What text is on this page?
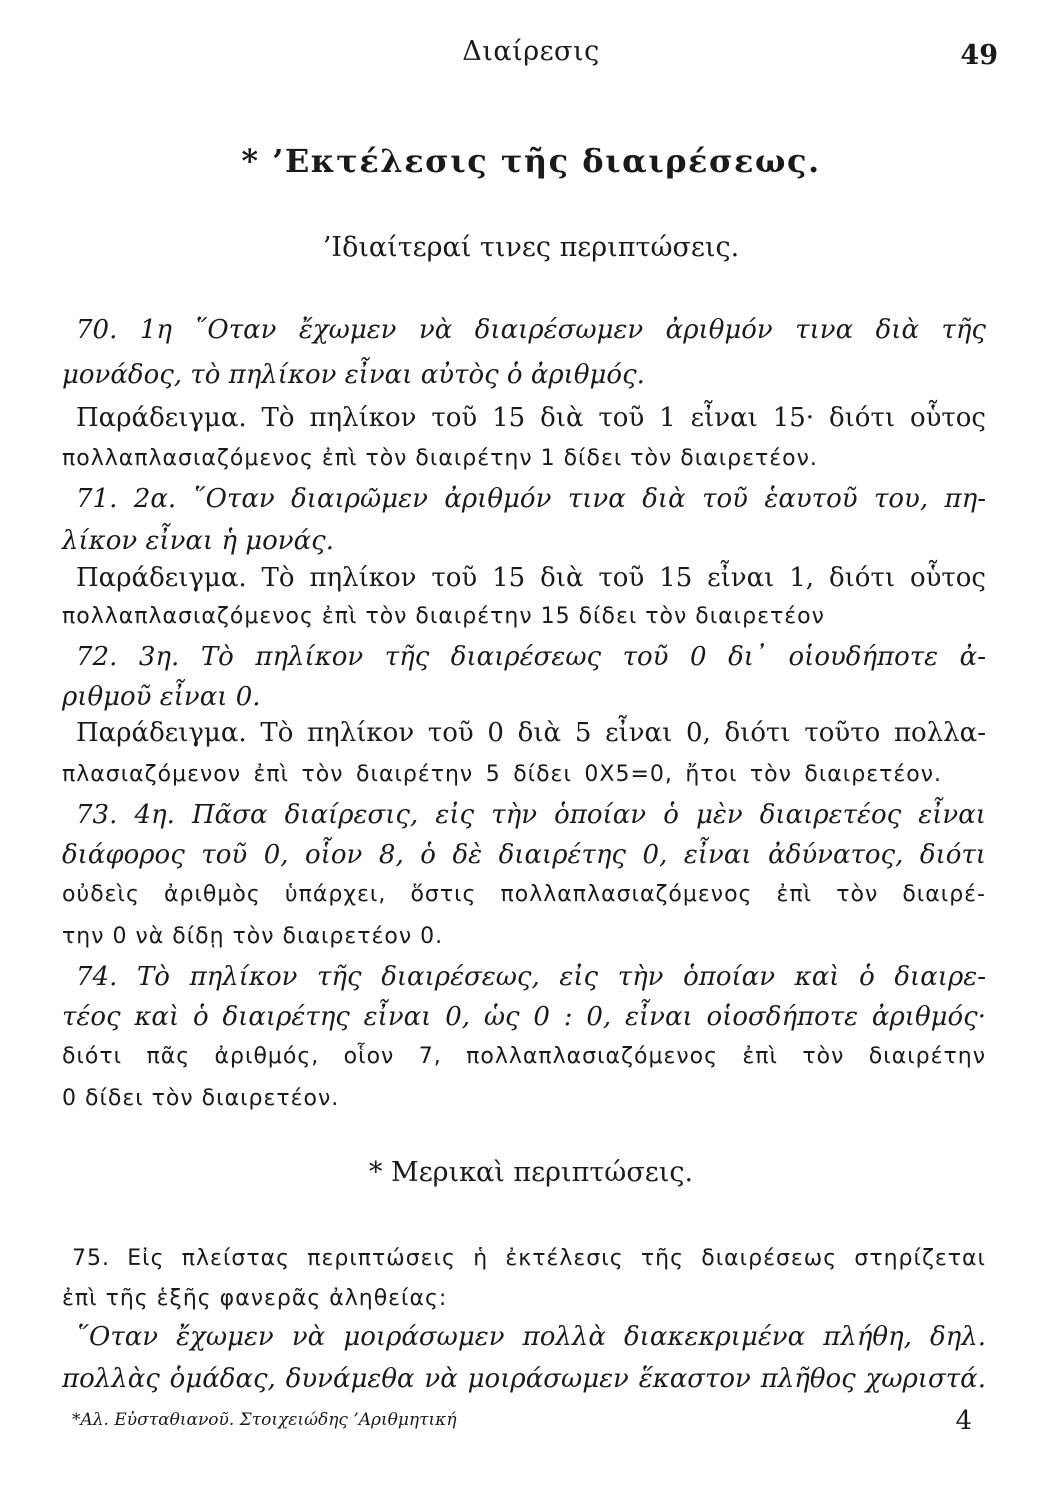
Διαίρεσις	49
* ’Εκτέλεσις τῆς διαιρέσεως.
’Ιδιαίτεραί τινες περιπτώσεις.
70. 1η ῞Οταν ἔχωμεν νὰ διαιρέσωμεν ἀριθμόν τινα διὰ τῆς
μονάδος, τὸ πηλίκον εἶναι αὐτὸς ὁ ἀριθμός.
Παράδειγμα. Τὸ πηλίκον τοῦ 15 διὰ τοῦ 1 εἶναι 15· διότι οὗτος
πολλαπλασιαζόμενος ἐπὶ τὸν διαιρέτην 1 δίδει τὸν διαιρετέον.
71. 2α. ῞Οταν διαιρῶμεν ἀριθμόν τινα διὰ τοῦ ἑαυτοῦ του, πη-
λίκον εἶναι ἡ μονάς.
Παράδειγμα. Τὸ πηλίκον τοῦ 15 διὰ τοῦ 15 εἶναι 1, διότι οὗτος
πολλαπλασιαζόμενος ἐπὶ τὸν διαιρέτην 15 δίδει τὸν διαιρετέον
72. 3η. Τὸ πηλίκον τῆς διαιρέσεως τοῦ 0 δι᾽ οἱουδήποτε ἀ-
ριθμοῦ εἶναι 0.
Παράδειγμα. Τὸ πηλίκον τοῦ 0 διὰ 5 εἶναι 0, διότι τοῦτο πολλα-
πλασιαζόμενον ἐπὶ τὸν διαιρέτην 5 δίδει 0Χ5=0, ἤτοι τὸν διαιρετέον.
73. 4η. Πᾶσα διαίρεσις, εἰς τὴν ὁποίαν ὁ μὲν διαιρετέος εἶναι
διάφορος τοῦ 0, οἷον 8, ὁ δὲ διαιρέτης 0, εἶναι ἀδύνατος, διότι
οὐδεὶς ἀριθμὸς ὑπάρχει, ὅστις πολλαπλασιαζόμενος ἐπὶ τὸν διαιρέ-
την 0 νὰ δίδῃ τὸν διαιρετέον 0.
74. Τὸ πηλίκον τῆς διαιρέσεως, εἰς τὴν ὁποίαν καὶ ὁ διαιρε-
τέος καὶ ὁ διαιρέτης εἶναι 0, ὡς 0 : 0, εἶναι οἱοσδήποτε ἀριθμός·
διότι πᾶς ἀριθμός, οἷον 7, πολλαπλασιαζόμενος ἐπὶ τὸν διαιρέτην
0 δίδει τὸν διαιρετέον.
* Μερικαὶ περιπτώσεις.
75. Εἰς πλείστας περιπτώσεις ἡ ἐκτέλεσις τῆς διαιρέσεως στηρίζεται
ἐπὶ τῆς ἑξῆς φανερᾶς ἀληθείας:
῞Οταν ἔχωμεν νὰ μοιράσωμεν πολλὰ διακεκριμένα πλήθη, δηλ.
πολλὰς ὁμάδας, δυνάμεθα νὰ μοιράσωμεν ἕκαστον πλῆθος χωριστά.
*Αλ. Εὐσταθιανοῦ. Στοιχειώδης ’Αριθμητική	4
